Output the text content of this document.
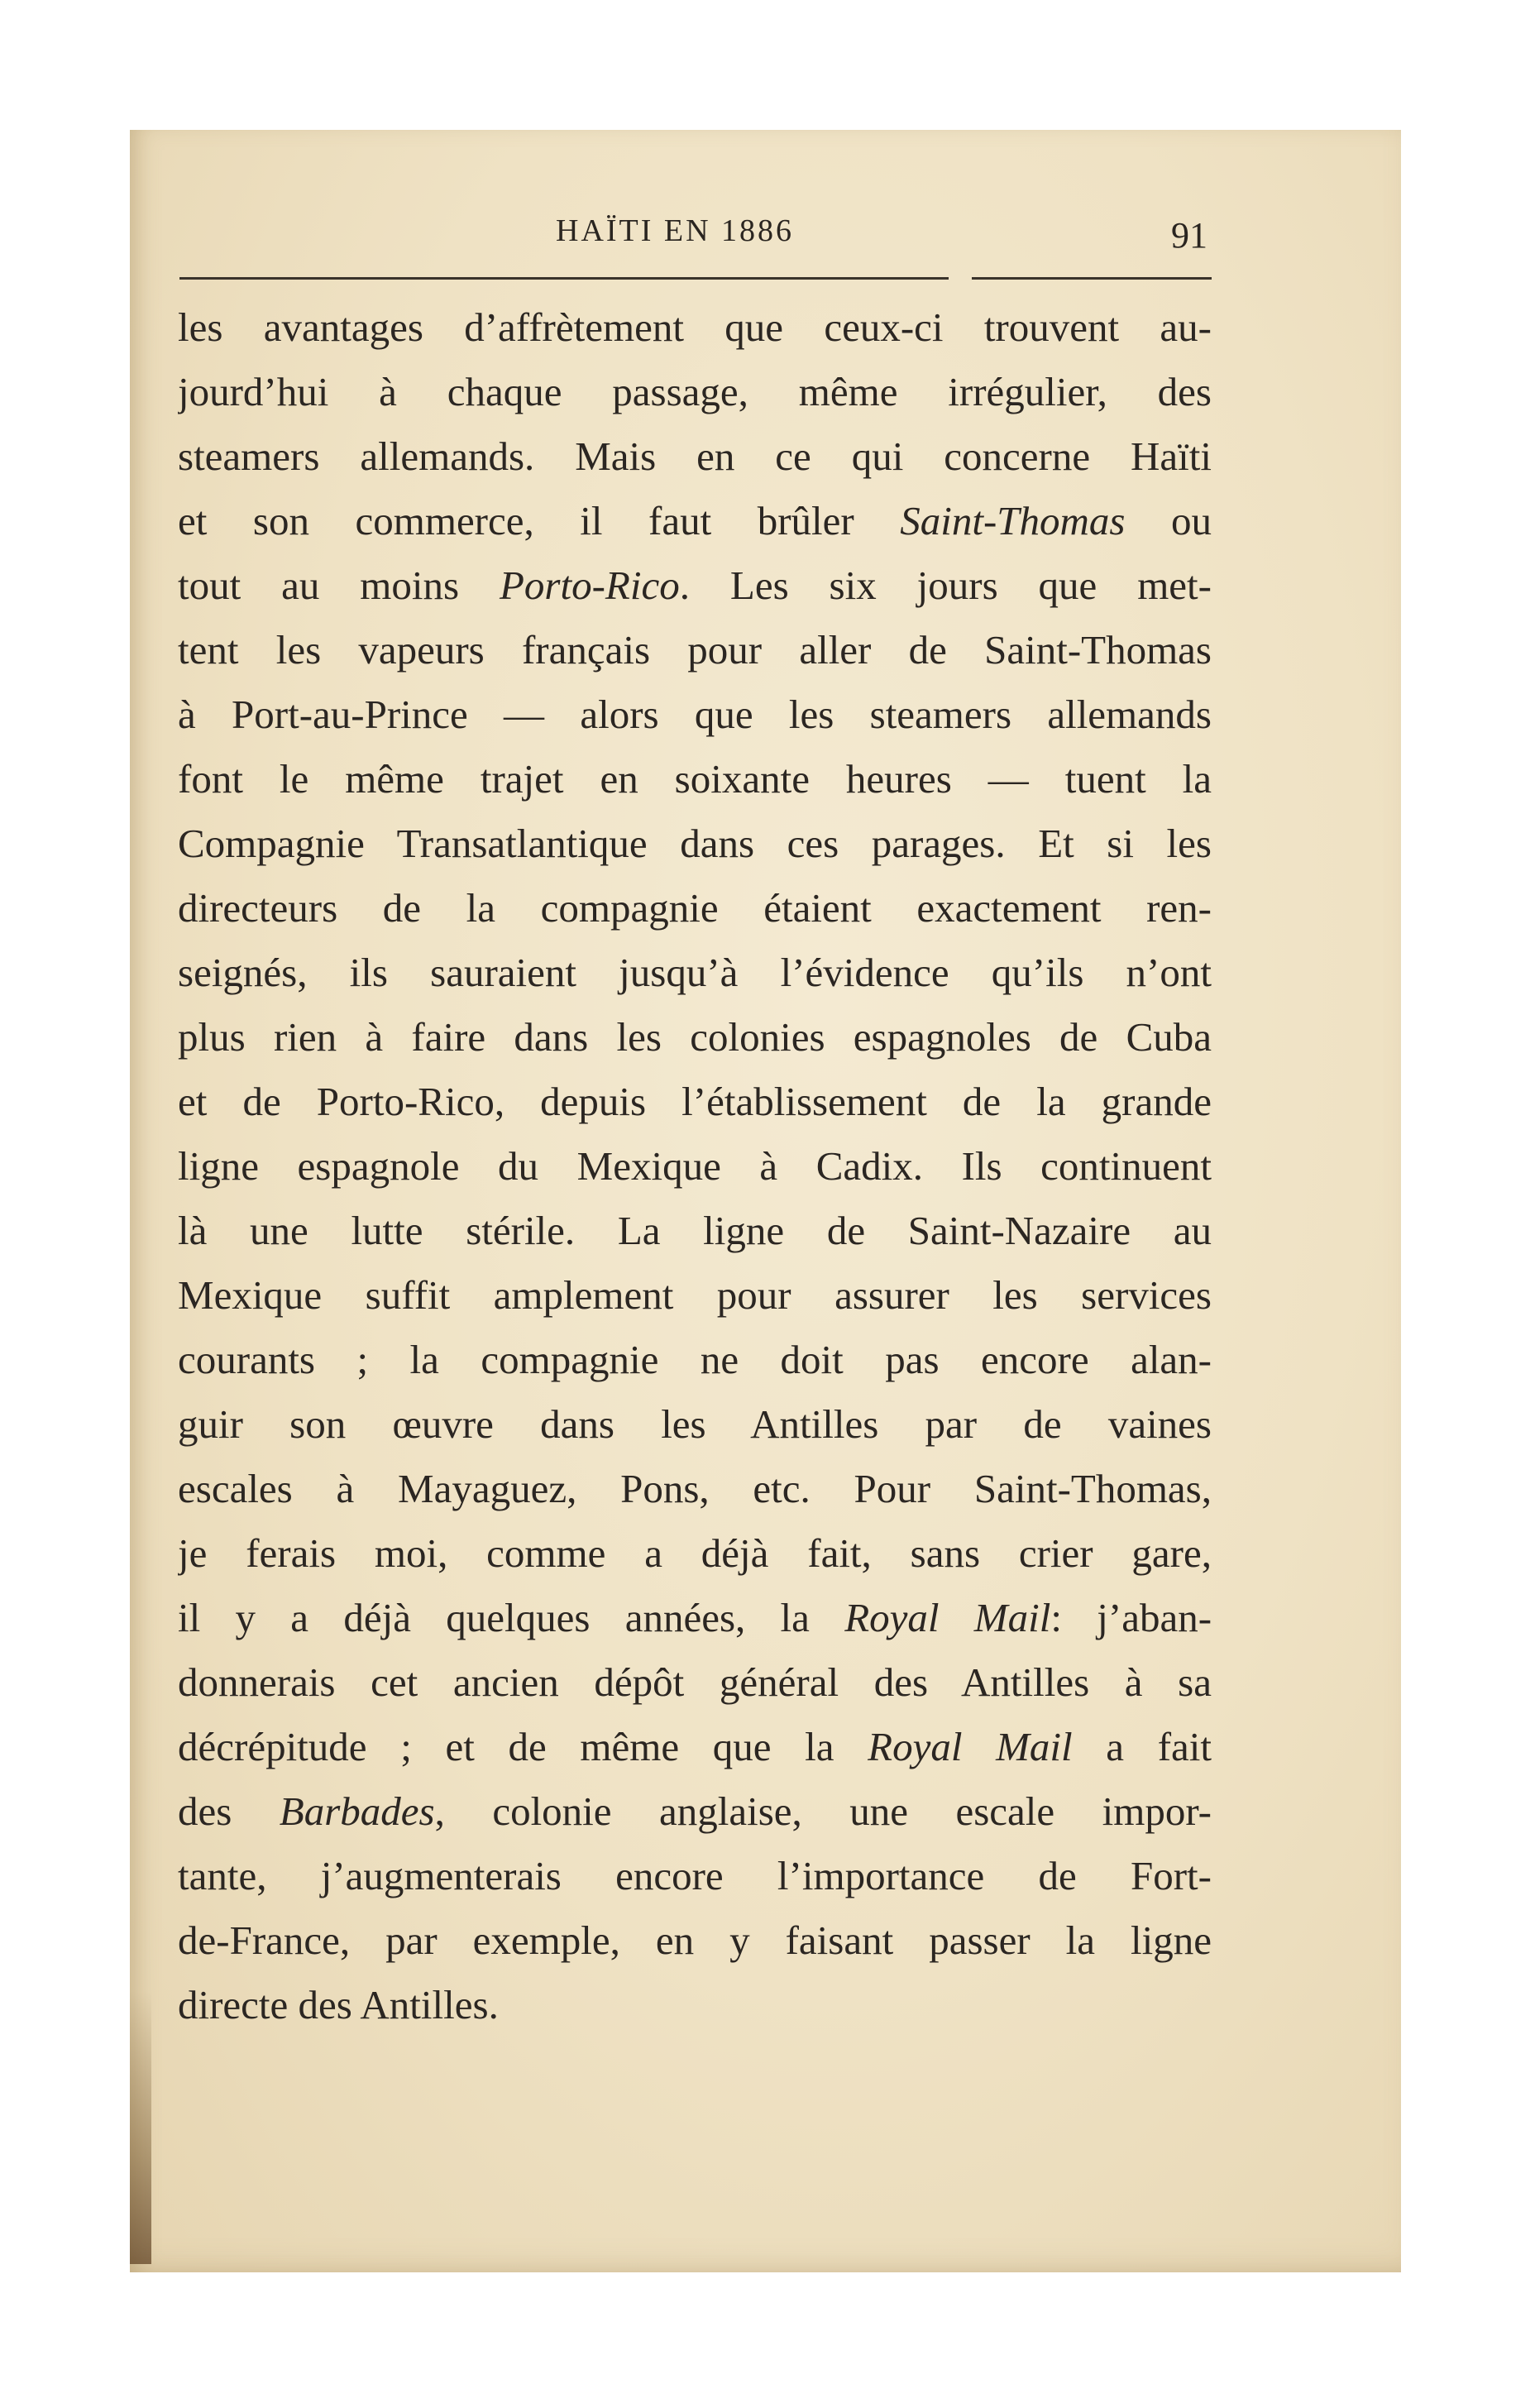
HAÏTI EN 1886	91
les avantages d’affrètement que ceux-ci trouvent au-
jourd’hui à chaque passage, même irrégulier, des
steamers allemands. Mais en ce qui concerne Haïti
et son commerce, il faut brûler Saint-Thomas ou
tout au moins Porto-Rico. Les six jours que met-
tent les vapeurs français pour aller de Saint-Thomas
à Port-au-Prince — alors que les steamers allemands
font le même trajet en soixante heures — tuent la
Compagnie Transatlantique dans ces parages. Et si les
directeurs de la compagnie étaient exactement ren-
seignés, ils sauraient jusqu’à l’évidence qu’ils n’ont
plus rien à faire dans les colonies espagnoles de Cuba
et de Porto-Rico, depuis l’établissement de la grande
ligne espagnole du Mexique à Cadix. Ils continuent
là une lutte stérile. La ligne de Saint-Nazaire au
Mexique suffit amplement pour assurer les services
courants ; la compagnie ne doit pas encore alan-
guir son œuvre dans les Antilles par de vaines
escales à Mayaguez, Pons, etc. Pour Saint-Thomas,
je ferais moi, comme a déjà fait, sans crier gare,
il y a déjà quelques années, la Royal Mail: j’aban-
donnerais cet ancien dépôt général des Antilles à sa
décrépitude ; et de même que la Royal Mail a fait
des Barbades, colonie anglaise, une escale impor-
tante, j’augmenterais encore l’importance de Fort-
de-France, par exemple, en y faisant passer la ligne
directe des Antilles.
